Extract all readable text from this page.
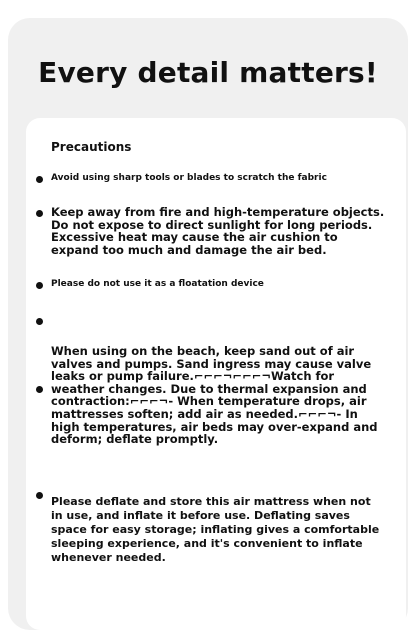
Every detail matters!
Precautions

Avoid using sharp tools or blades to scratch the fabric

Keep away from fire and high-temperature objects. Do not expose to direct sunlight for long periods. Excessive heat may cause the air cushion to expand too much and damage the air bed.

Please do not use it as a floatation device

When using on the beach, keep sand out of air valves and pumps. Sand ingress may cause valve leaks or pump failure.⌐⌐⌐¬⌐⌐⌐¬Watch for weather changes. Due to thermal expansion and contraction:⌐⌐⌐¬- When temperature drops, air mattresses soften; add air as needed.⌐⌐⌐¬- In high temperatures, air beds may over-expand and deform; deflate promptly.

Please deflate and store this air mattress when not in use, and inflate it before use. Deflating saves space for easy storage; inflating gives a comfortable sleeping experience, and it's convenient to inflate whenever needed.
